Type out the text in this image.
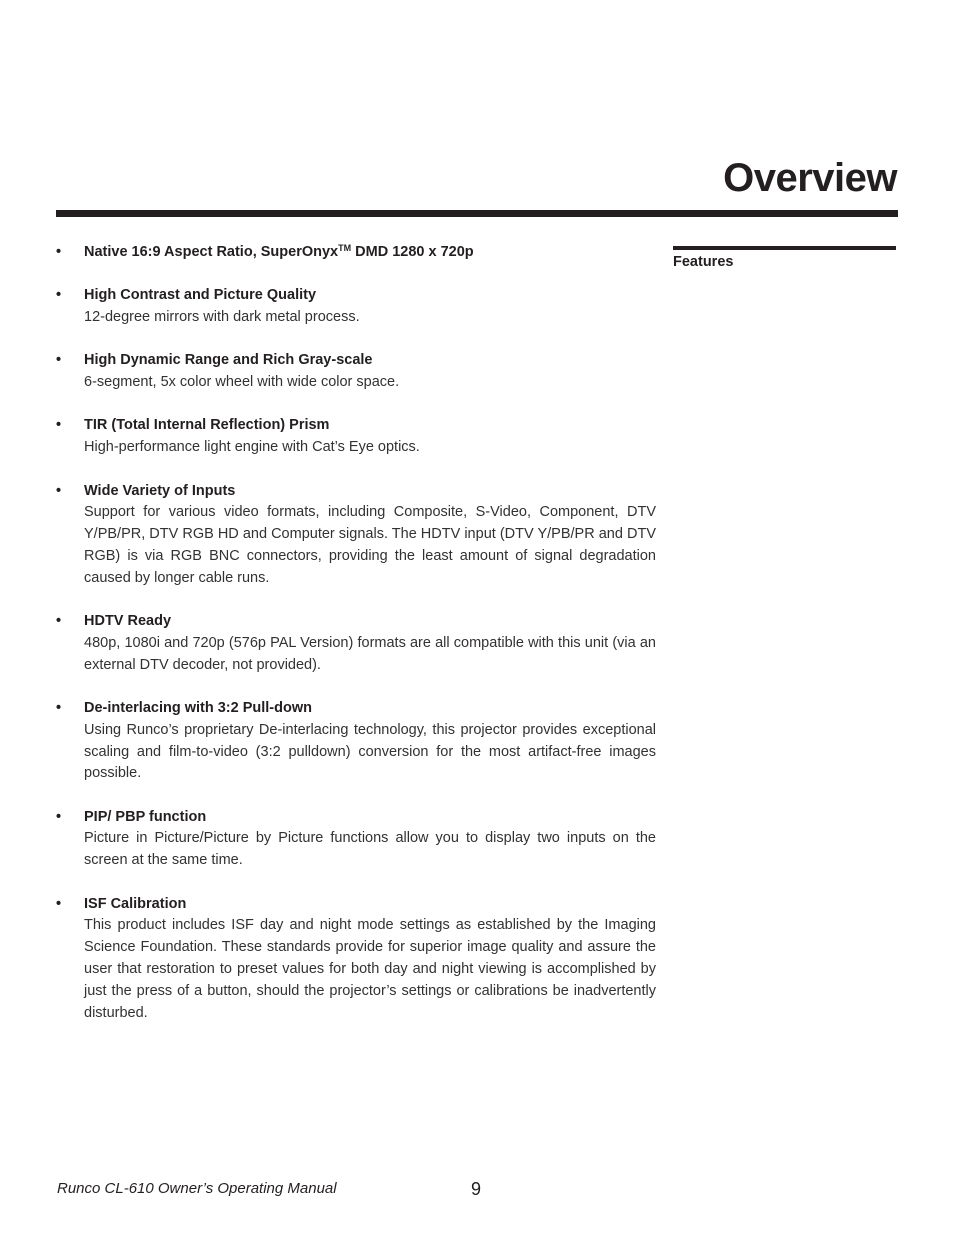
Overview
Features
• Native 16:9 Aspect Ratio, SuperOnyx™ DMD 1280 x 720p
• High Contrast and Picture Quality
12-degree mirrors with dark metal process.
• High Dynamic Range and Rich Gray-scale
6-segment, 5x color wheel with wide color space.
• TIR (Total Internal Reflection) Prism
High-performance light engine with Cat’s Eye optics.
• Wide Variety of Inputs
Support for various video formats, including Composite, S-Video, Component, DTV Y/PB/PR, DTV RGB HD and Computer signals. The HDTV input (DTV Y/PB/PR and DTV RGB) is via RGB BNC connectors, providing the least amount of signal degradation caused by longer cable runs.
• HDTV Ready
480p, 1080i and 720p (576p PAL Version) formats are all compatible with this unit (via an external DTV decoder, not provided).
• De-interlacing with 3:2 Pull-down
Using Runco’s proprietary De-interlacing technology, this projector provides exceptional scaling and film-to-video (3:2 pulldown) conversion for the most artifact-free images possible.
• PIP/ PBP function
Picture in Picture/Picture by Picture functions allow you to display two inputs on the screen at the same time.
• ISF Calibration
This product includes ISF day and night mode settings as established by the Imaging Science Foundation. These standards provide for superior image quality and assure the user that restoration to preset values for both day and night viewing is accomplished by just the press of a button, should the projector’s settings or calibrations be inadvertently disturbed.
Runco CL-610 Owner’s Operating Manual	9
